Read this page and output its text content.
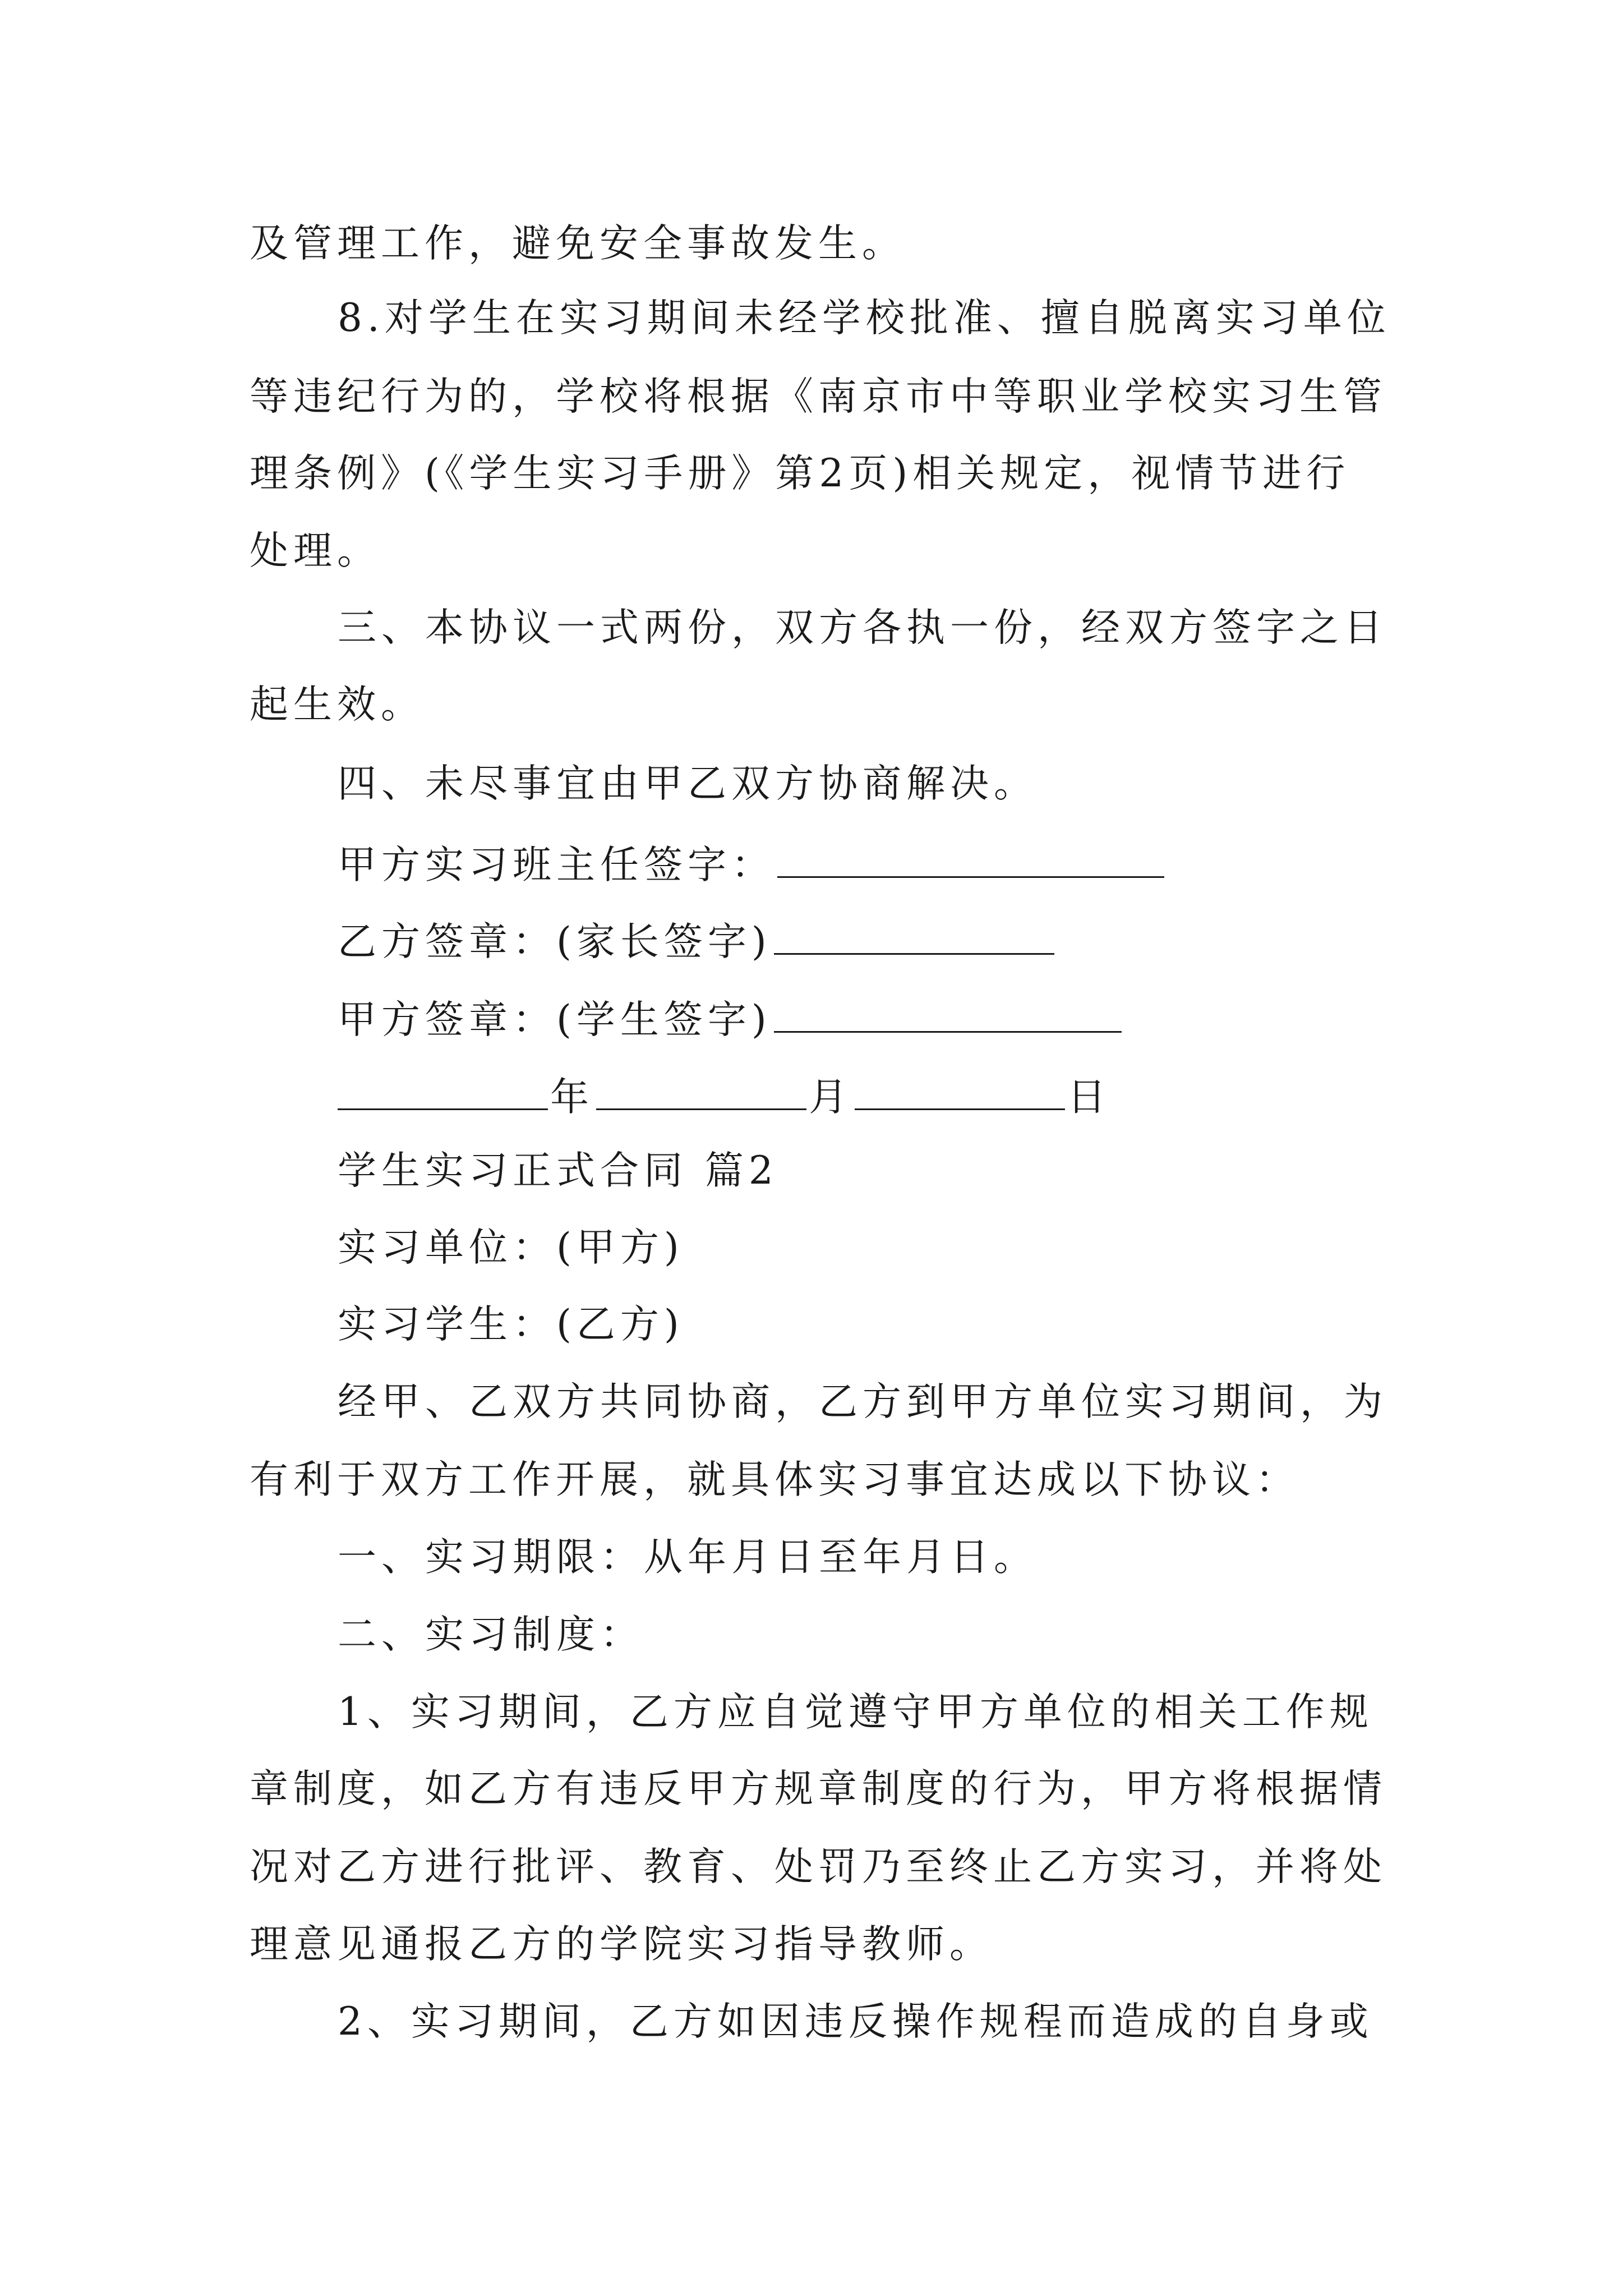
及管理工作，避免安全事故发生。
8.对学生在实习期间未经学校批准、擅自脱离实习单位
等违纪行为的，学校将根据《南京市中等职业学校实习生管
理条例》(《学生实习手册》第2页)相关规定，视情节进行
处理。
三、本协议一式两份，双方各执一份，经双方签字之日
起生效。
四、未尽事宜由甲乙双方协商解决。
甲方实习班主任签字：
乙方签章：(家长签字)
甲方签章：(学生签字)
年	月	日
学生实习正式合同 篇2
实习单位：(甲方)
实习学生：(乙方)
经甲、乙双方共同协商，乙方到甲方单位实习期间，为
有利于双方工作开展，就具体实习事宜达成以下协议：
一、实习期限：从年月日至年月日。
二、实习制度：
1、实习期间，乙方应自觉遵守甲方单位的相关工作规
章制度，如乙方有违反甲方规章制度的行为，甲方将根据情
况对乙方进行批评、教育、处罚乃至终止乙方实习，并将处
理意见通报乙方的学院实习指导教师。
2、实习期间，乙方如因违反操作规程而造成的自身或
